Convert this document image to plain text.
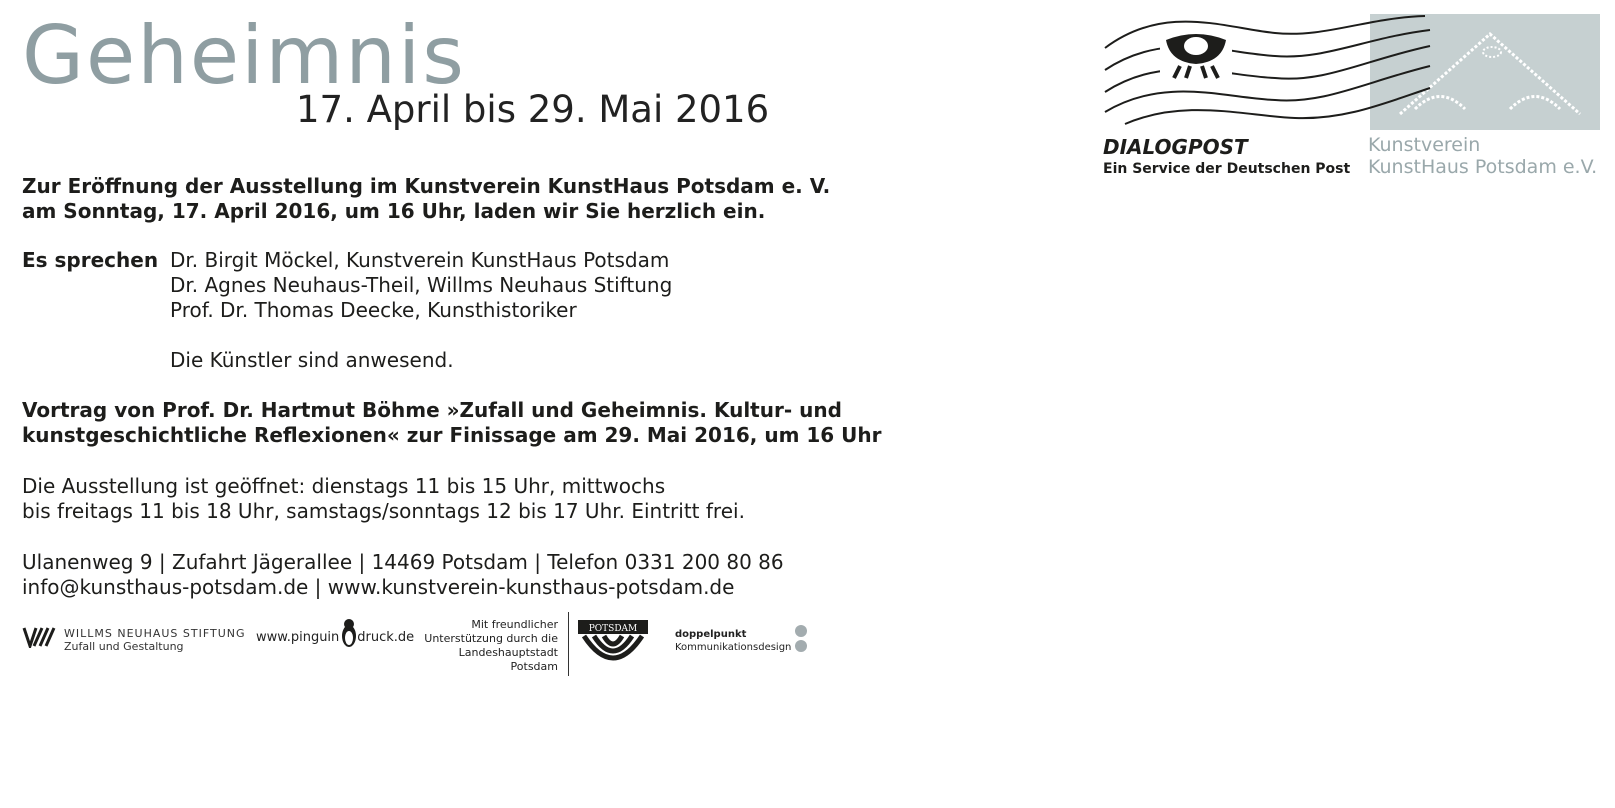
Geheimnis
17. April bis 29. Mai 2016
Zur Eröffnung der Ausstellung im Kunstverein KunstHaus Potsdam e. V.
am Sonntag, 17. April 2016, um 16 Uhr, laden wir Sie herzlich ein.
Es sprechen Dr. Birgit Möckel, Kunstverein KunstHaus Potsdam
Dr. Agnes Neuhaus-Theil, Willms Neuhaus Stiftung
Prof. Dr. Thomas Deecke, Kunsthistoriker
Die Künstler sind anwesend.
Vortrag von Prof. Dr. Hartmut Böhme »Zufall und Geheimnis. Kultur- und
kunstgeschichtliche Reflexionen« zur Finissage am 29. Mai 2016, um 16 Uhr
Die Ausstellung ist geöffnet: dienstags 11 bis 15 Uhr, mittwochs
bis freitags 11 bis 18 Uhr, samstags/sonntags 12 bis 17 Uhr. Eintritt frei.
Ulanenweg 9 | Zufahrt Jägerallee | 14469 Potsdam | Telefon 0331 200 80 86
info@kunsthaus-potsdam.de | www.kunstverein-kunsthaus-potsdam.de
DIALOGPOST
Ein Service der Deutschen Post
Kunstverein
KunstHaus Potsdam e.V.
WILLMS NEUHAUS STIFTUNG
Zufall und Gestaltung
www.pinguin druck.de
Mit freundlicher
Unterstützung durch die
Landeshauptstadt
Potsdam
POTSDAM	doppelpunkt
Kommunikationsdesign
